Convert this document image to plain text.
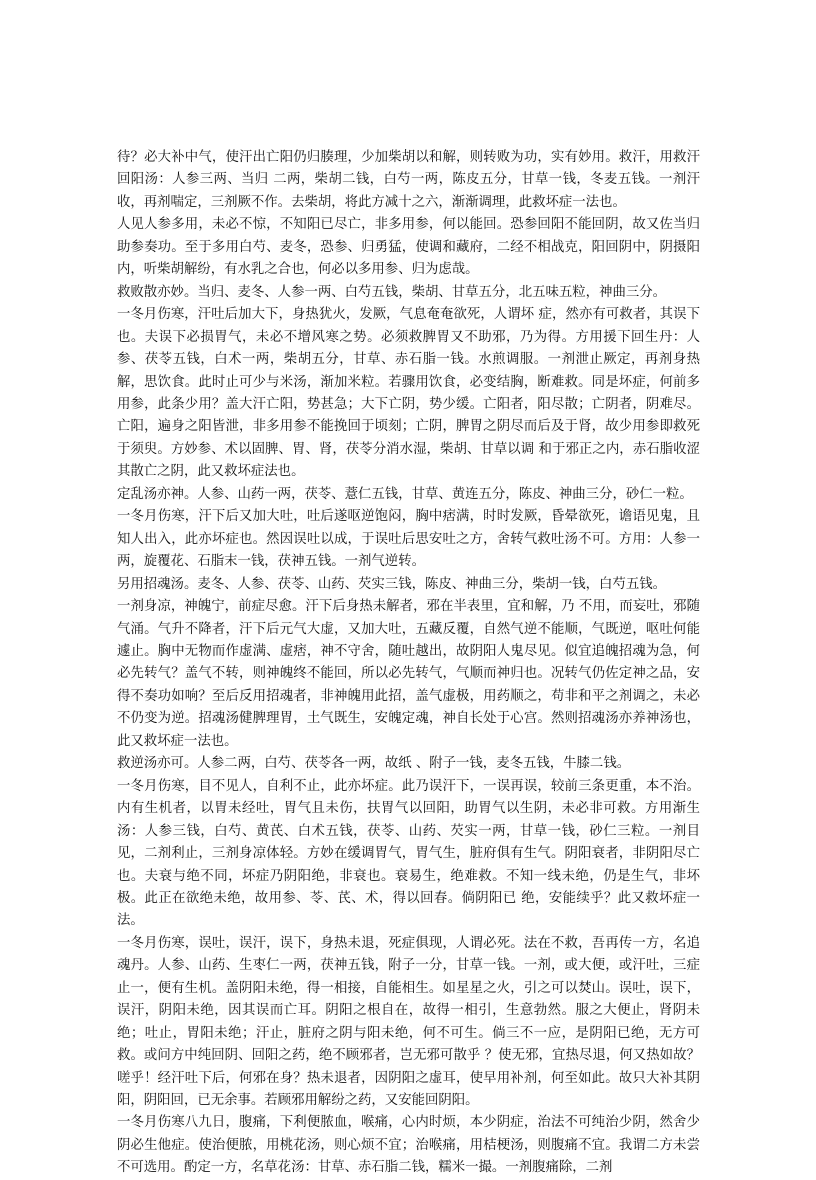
待？必大补中气，使汗出亡阳仍归腠理，少加柴胡以和解，则转败为功，实有妙用。救汗，用救汗回阳汤：人参三两、当归 二两，柴胡二钱，白芍一两，陈皮五分，甘草一钱，冬麦五钱。一剂汗收，再剂喘定，三剂厥不作。去柴胡，将此方减十之六，渐渐调理，此救坏症一法也。

人见人参多用，未必不惊，不知阳已尽亡，非多用参，何以能回。恐参回阳不能回阴，故又佐当归助参奏功。至于多用白芍、麦冬，恐参、归勇猛，使调和藏府，二经不相战克，阳回阴中，阴摄阳内，听柴胡解纷，有水乳之合也，何必以多用参、归为虑哉。

救败散亦妙。当归、麦冬、人参一两、白芍五钱，柴胡、甘草五分，北五味五粒，神曲三分。

一冬月伤寒，汗吐后加大下，身热犹火，发厥，气息奄奄欲死，人谓坏 症，然亦有可救者，其误下也。夫误下必损胃气，未必不增风寒之势。必须救脾胃又不助邪，乃为得。方用援下回生丹：人参、茯苓五钱，白术一两，柴胡五分，甘草、赤石脂一钱。水煎调服。一剂泄止厥定，再剂身热解，思饮食。此时止可少与米汤，渐加米粒。若骤用饮食，必变结胸，断难救。同是坏症，何前多用参，此条少用？盖大汗亡阳，势甚急；大下亡阴，势少缓。亡阳者，阳尽散；亡阴者，阴难尽。亡阳，遍身之阳皆泄，非多用参不能挽回于顷刻；亡阴，脾胃之阴尽而后及于肾，故少用参即救死于须臾。方妙参、术以固脾、胃、肾，茯苓分消水湿，柴胡、甘草以调 和于邪正之内，赤石脂收涩其散亡之阴，此又救坏症法也。

定乱汤亦神。人参、山药一两，茯苓、薏仁五钱，甘草、黄连五分，陈皮、神曲三分，砂仁一粒。

一冬月伤寒，汗下后又加大吐，吐后遂呕逆饱闷，胸中痞满，时时发厥，昏晕欲死，谵语见鬼，且知人出入，此亦坏症也。然因误吐以成，于误吐后思安吐之方，舍转气救吐汤不可。方用：人参一两，旋覆花、石脂末一钱，茯神五钱。一剂气逆转。

另用招魂汤。麦冬、人参、茯苓、山药、芡实三钱，陈皮、神曲三分，柴胡一钱，白芍五钱。

一剂身凉，神魄宁，前症尽愈。汗下后身热未解者，邪在半表里，宜和解，乃 不用，而妄吐，邪随气涌。气升不降者，汗下后元气大虚，又加大吐，五藏反覆，自然气逆不能顺，气既逆，呕吐何能遽止。胸中无物而作虚满、虚痞，神不守舍，随吐越出，故阴阳人鬼尽见。似宜追魄招魂为急，何必先转气？盖气不转，则神魄终不能回，所以必先转气，气顺而神归也。况转气仍佐定神之品，安得不奏功如响？至后反用招魂者，非神魄用此招，盖气虚极，用药顺之，苟非和平之剂调之，未必不仍变为逆。招魂汤健脾理胃，土气既生，安魄定魂，神自长处于心宫。然则招魂汤亦养神汤也，此又救坏症一法也。

救逆汤亦可。人参二两，白芍、茯苓各一两，故纸 、附子一钱，麦冬五钱，牛膝二钱。

一冬月伤寒，目不见人，自利不止，此亦坏症。此乃误汗下，一误再误，较前三条更重，本不治。内有生机者，以胃未经吐，胃气且未伤，扶胃气以回阳，助胃气以生阴，未必非可救。方用渐生汤：人参三钱，白芍、黄芪、白术五钱，茯苓、山药、芡实一两，甘草一钱，砂仁三粒。一剂目见，二剂利止，三剂身凉体轻。方妙在缓调胃气，胃气生，脏府俱有生气。阴阳衰者，非阴阳尽亡也。夫衰与绝不同，坏症乃阴阳绝，非衰也。衰易生，绝难救。不知一线未绝，仍是生气，非坏极。此正在欲绝未绝，故用参、苓、芪、术，得以回春。倘阴阳已 绝，安能续乎？此又救坏症一法。

一冬月伤寒，误吐，误汗，误下，身热未退，死症俱现，人谓必死。法在不救，吾再传一方，名追魂丹。人参、山药、生枣仁一两，茯神五钱，附子一分，甘草一钱。一剂，或大便，或汗吐，三症止一，便有生机。盖阴阳未绝，得一相接，自能相生。如星星之火，引之可以焚山。误吐，误下，误汗，阴阳未绝，因其误而亡耳。阴阳之根自在，故得一相引，生意勃然。服之大便止，肾阴未绝；吐止，胃阳未绝；汗止，脏府之阴与阳未绝，何不可生。倘三不一应，是阴阳已绝，无方可救。或问方中纯回阴、回阳之药，绝不顾邪者，岂无邪可散乎 ？使无邪，宜热尽退，何又热如故？嗟乎！经汗吐下后，何邪在身？热未退者，因阴阳之虚耳，使早用补剂，何至如此。故只大补其阴阳，阴阳回，已无余事。若顾邪用解纷之药，又安能回阴阳。

一冬月伤寒八九日，腹痛，下利便脓血，喉痛，心内时烦，本少阴症，治法不可纯治少阴，然舍少阴必生他症。使治便脓，用桃花汤，则心烦不宜；治喉痛，用桔梗汤，则腹痛不宜。我谓二方未尝不可选用。酌定一方，名草花汤：甘草、赤石脂二钱，糯米一撮。一剂腹痛除，二剂
